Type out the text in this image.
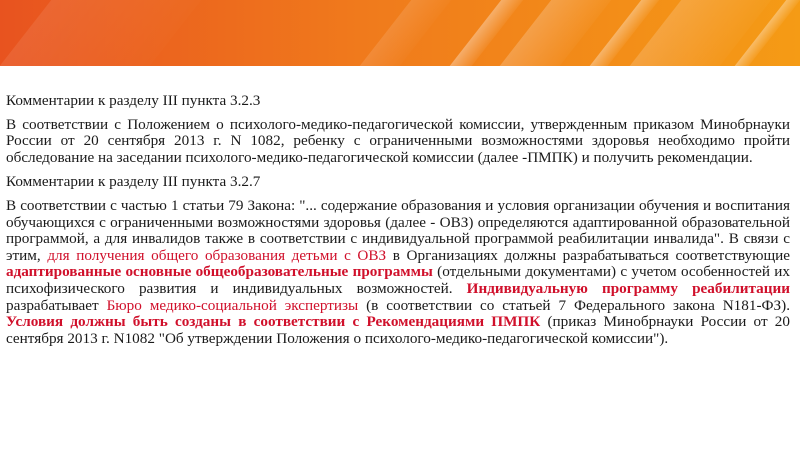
Комментарии к разделу III пункта 3.2.3

В соответствии с Положением о психолого-медико-педагогической комиссии, утвержденным приказом Минобрнауки России от 20 сентября 2013 г. N 1082, ребенку с ограниченными возможностями здоровья необходимо пройти обследование на заседании психолого-медико-педагогической комиссии (далее -ПМПК) и получить рекомендации.

Комментарии к разделу III пункта 3.2.7

В соответствии с частью 1 статьи 79 Закона: "... содержание образования и условия организации обучения и воспитания обучающихся с ограниченными возможностями здоровья (далее - ОВЗ) определяются адаптированной образовательной программой, а для инвалидов также в соответствии с индивидуальной программой реабилитации инвалида". В связи с этим, для получения общего образования детьми с ОВЗ в Организациях должны разрабатываться соответствующие адаптированные основные общеобразовательные программы (отдельными документами) с учетом особенностей их психофизического развития и индивидуальных возможностей. Индивидуальную программу реабилитации разрабатывает Бюро медико-социальной экспертизы (в соответствии со статьей 7 Федерального закона N181-ФЗ). Условия должны быть созданы в соответствии с Рекомендациями ПМПК (приказ Минобрнауки России от 20 сентября 2013 г. N1082 "Об утверждении Положения о психолого-медико-педагогической комиссии").
